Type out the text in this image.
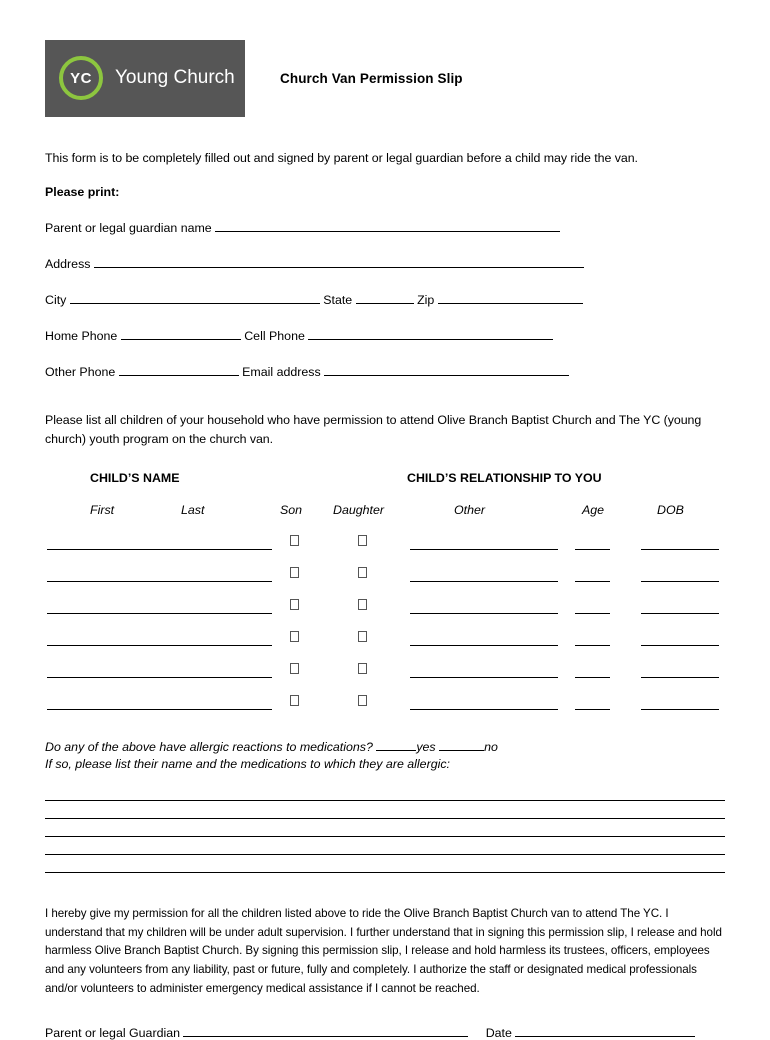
YC Young Church	Church Van Permission Slip
This form is to be completely filled out and signed by parent or legal guardian before a child may ride the van.
Please print:
Parent or legal guardian name
Address
City	State	Zip
Home Phone	Cell Phone
Other Phone	Email address
Please list all children of your household who have permission to attend Olive Branch Baptist Church and The YC (young church) youth program on the church van.
CHILD’S NAME	CHILD’S RELATIONSHIP TO YOU
First	Last	Son Daughter	Other	Age	DOB
Do any of the above have allergic reactions to medications?	yes	no
If so, please list their name and the medications to which they are allergic:
I hereby give my permission for all the children listed above to ride the Olive Branch Baptist Church van to attend The YC. I understand that my children will be under adult supervision. I further understand that in signing this permission slip, I release and hold harmless Olive Branch Baptist Church. By signing this permission slip, I release and hold harmless its trustees, officers, employees and any volunteers from any liability, past or future, fully and completely. I authorize the staff or designated medical professionals and/or volunteers to administer emergency medical assistance if I cannot be reached.
Parent or legal Guardian	Date
